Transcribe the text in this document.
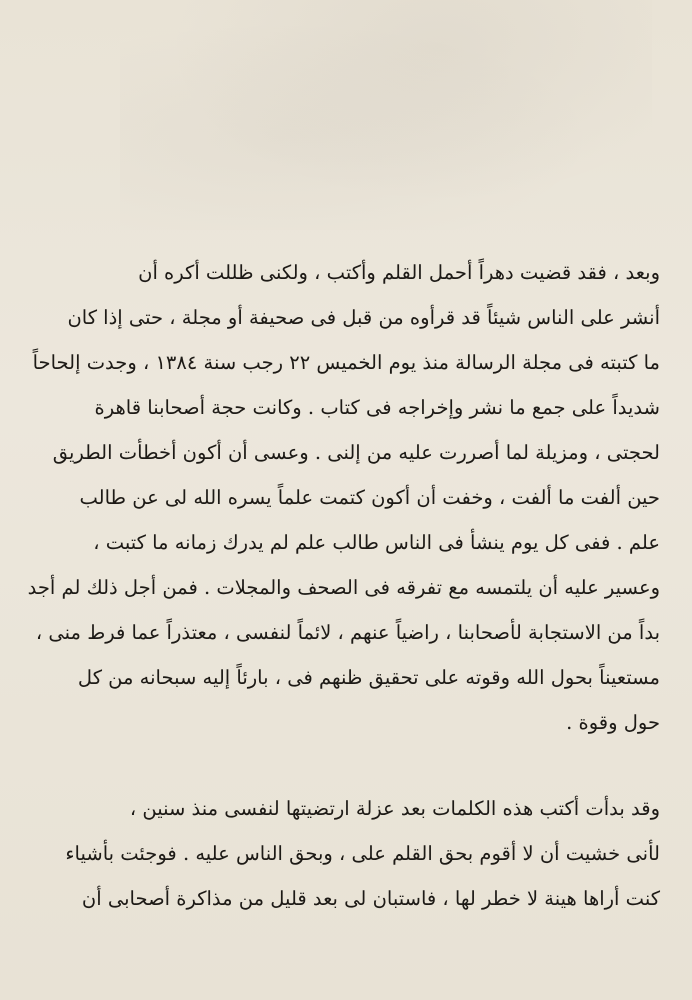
وبعد ، فقد قضيت دهراً أحمل القلم وأكتب ، ولكنى ظللت أكره أن
أنشر على الناس شيئاً قد قرأوه من قبل فى صحيفة أو مجلة ، حتى إذا كان
ما كتبته فى مجلة الرسالة منذ يوم الخميس ٢٢ رجب سنة ١٣٨٤ ، وجدت إلحاحاً
شديداً على جمع ما نشر وإخراجه فى كتاب . وكانت حجة أصحابنا قاهرة
لحجتى ، ومزيلة لما أصررت عليه من إلنى . وعسى أن أكون أخطأت الطريق
حين ألفت ما ألفت ، وخفت أن أكون كتمت علماً يسره الله لى عن طالب
علم . ففى كل يوم ينشأ فى الناس طالب علم لم يدرك زمانه ما كتبت ،
وعسير عليه أن يلتمسه مع تفرقه فى الصحف والمجلات . فمن أجل ذلك لم أجد
بداً من الاستجابة لأصحابنا ، راضياً عنهم ، لائماً لنفسى ، معتذراً عما فرط منى ،
مستعيناً بحول الله وقوته على تحقيق ظنهم فى ، بارئاً إليه سبحانه من كل
حول وقوة .
وقد بدأت أكتب هذه الكلمات بعد عزلة ارتضيتها لنفسى منذ سنين ،
لأنى خشيت أن لا أقوم بحق القلم على ، وبحق الناس عليه . فوجئت بأشياء
كنت أراها هينة لا خطر لها ، فاستبان لى بعد قليل من مذاكرة أصحابى أن
